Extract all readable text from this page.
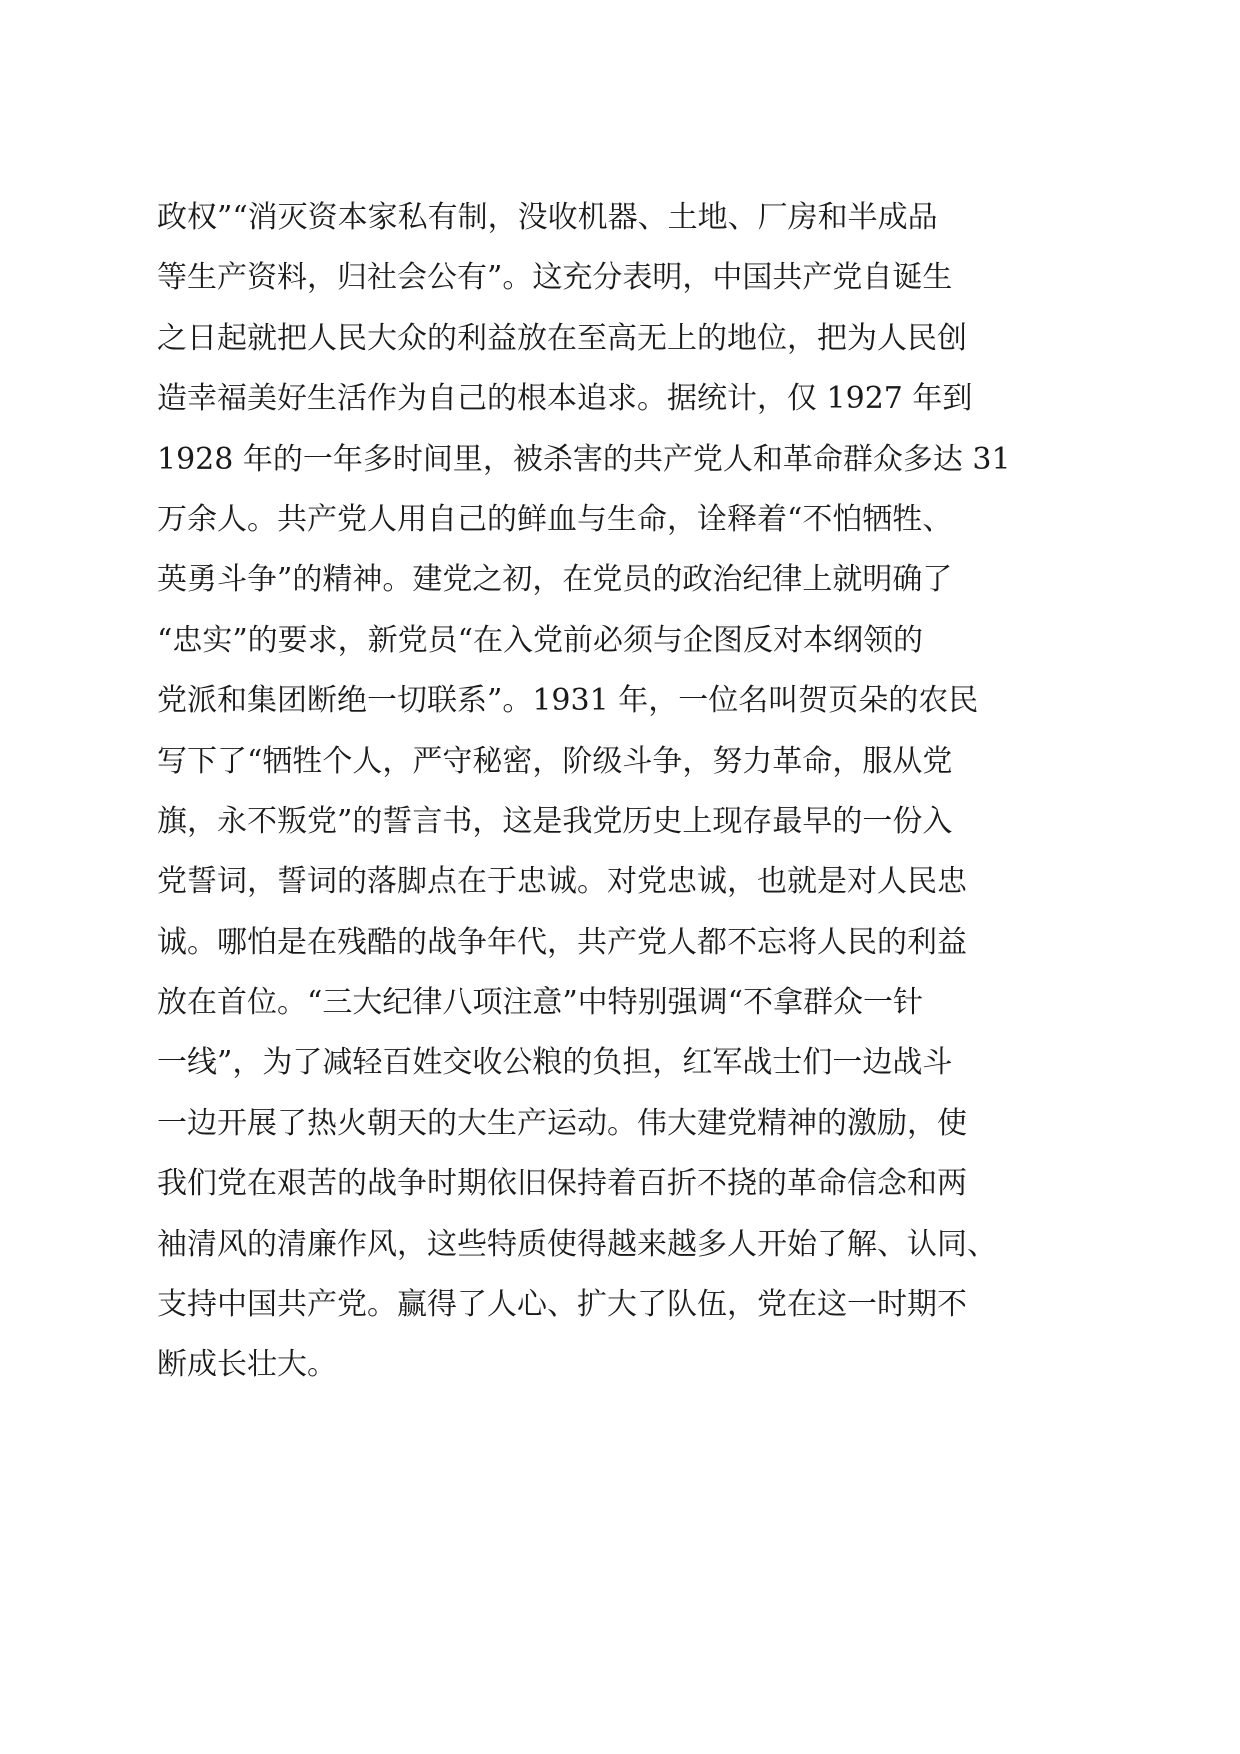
政权”“消灭资本家私有制，没收机器、土地、厂房和半成品
等生产资料，归社会公有”。这充分表明，中国共产党自诞生
之日起就把人民大众的利益放在至高无上的地位，把为人民创
造幸福美好生活作为自己的根本追求。据统计，仅 1927 年到
1928 年的一年多时间里，被杀害的共产党人和革命群众多达 31
万余人。共产党人用自己的鲜血与生命，诠释着“不怕牺牲、
英勇斗争”的精神。建党之初，在党员的政治纪律上就明确了
“忠实”的要求，新党员“在入党前必须与企图反对本纲领的
党派和集团断绝一切联系”。1931 年，一位名叫贺页朵的农民
写下了“牺牲个人，严守秘密，阶级斗争，努力革命，服从党
旗，永不叛党”的誓言书，这是我党历史上现存最早的一份入
党誓词，誓词的落脚点在于忠诚。对党忠诚，也就是对人民忠
诚。哪怕是在残酷的战争年代，共产党人都不忘将人民的利益
放在首位。“三大纪律八项注意”中特别强调“不拿群众一针
一线”，为了减轻百姓交收公粮的负担，红军战士们一边战斗
一边开展了热火朝天的大生产运动。伟大建党精神的激励，使
我们党在艰苦的战争时期依旧保持着百折不挠的革命信念和两
袖清风的清廉作风，这些特质使得越来越多人开始了解、认同、
支持中国共产党。赢得了人心、扩大了队伍，党在这一时期不
断成长壮大。
